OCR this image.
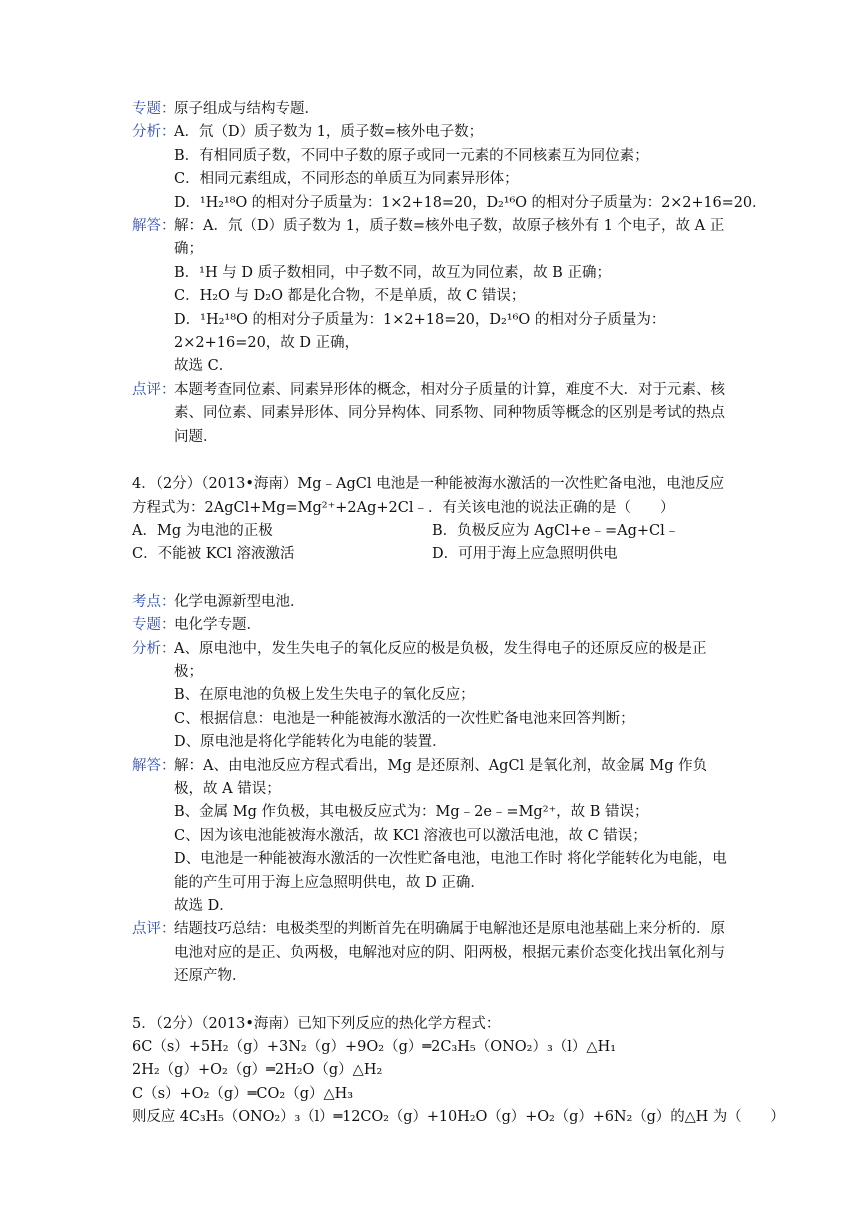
专题：
原子组成与结构专题．
分析：
A．氘（D）质子数为 1，质子数=核外电子数；
B．有相同质子数，不同中子数的原子或同一元素的不同核素互为同位素；
C．相同元素组成，不同形态的单质互为同素异形体；
D．¹H₂¹⁸O 的相对分子质量为：1×2+18=20，D₂¹⁶O 的相对分子质量为：2×2+16=20．
解答：
解：A．氘（D）质子数为 1，质子数=核外电子数，故原子核外有 1 个电子，故 A 正确；
B．¹H 与 D 质子数相同，中子数不同，故互为同位素，故 B 正确；
C．H₂O 与 D₂O 都是化合物，不是单质，故 C 错误；
D．¹H₂¹⁸O 的相对分子质量为：1×2+18=20，D₂¹⁶O 的相对分子质量为：2×2+16=20，故 D 正确，
故选 C．
点评：
本题考查同位素、同素异形体的概念，相对分子质量的计算，难度不大．对于元素、核素、同位素、同素异形体、同分异构体、同系物、同种物质等概念的区别是考试的热点问题．
4．（2分）（2013•海南）Mg﹣AgCl 电池是一种能被海水激活的一次性贮备电池，电池反应方程式为：2AgCl+Mg=Mg²⁺+2Ag+2Cl﹣．有关该电池的说法正确的是（　　）
A．Mg 为电池的正极	B．负极反应为 AgCl+e﹣=Ag+Cl﹣
C．不能被 KCl 溶液激活	D．可用于海上应急照明供电
考点：
化学电源新型电池．
专题：
电化学专题．
分析：
A、原电池中，发生失电子的氧化反应的极是负极，发生得电子的还原反应的极是正极；
B、在原电池的负极上发生失电子的氧化反应；
C、根据信息：电池是一种能被海水激活的一次性贮备电池来回答判断；
D、原电池是将化学能转化为电能的装置．
解答：
解：A、由电池反应方程式看出，Mg 是还原剂、AgCl 是氧化剂，故金属 Mg 作负极，故 A 错误；
B、金属 Mg 作负极，其电极反应式为：Mg﹣2e﹣=Mg²⁺，故 B 错误；
C、因为该电池能被海水激活，故 KCl 溶液也可以激活电池，故 C 错误；
D、电池是一种能被海水激活的一次性贮备电池，电池工作时 将化学能转化为电能，电能的产生可用于海上应急照明供电，故 D 正确．
故选 D．
点评：
结题技巧总结：电极类型的判断首先在明确属于电解池还是原电池基础上来分析的．原电池对应的是正、负两极，电解池对应的阴、阳两极，根据元素价态变化找出氧化剂与还原产物．
5．（2分）（2013•海南）已知下列反应的热化学方程式：
6C（s）+5H₂（g）+3N₂（g）+9O₂（g）═2C₃H₅（ONO₂）₃（l）△H₁
2H₂（g）+O₂（g）═2H₂O（g）△H₂
C（s）+O₂（g）═CO₂（g）△H₃
则反应 4C₃H₅（ONO₂）₃（l）═12CO₂（g）+10H₂O（g）+O₂（g）+6N₂（g）的△H 为（　　）
